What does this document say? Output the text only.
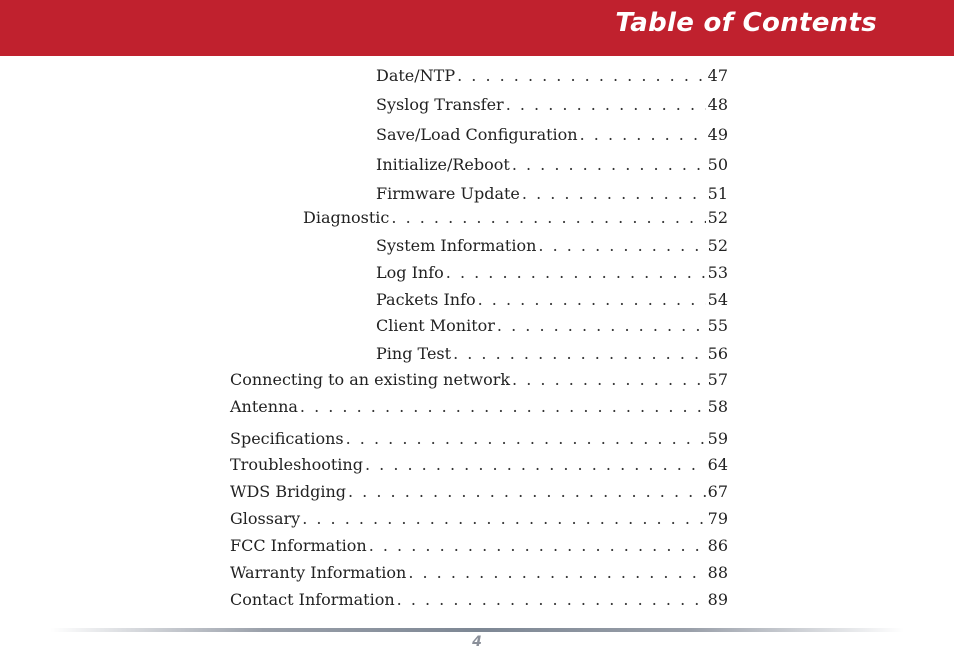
Table of Contents
Date/NTP . . .	47
Syslog Transfer . . .	48
Save/Load Configuration . . .	49
Initialize/Reboot . . .	50
Firmware Update . . .	51
Diagnostic . . .	52
System Information . . .	52
Log Info . . .	53
Packets Info . . .	54
Client Monitor . . .	55
Ping Test . . .	56
Connecting to an existing network . . .	57
Antenna . . .	58
Specifications . . .	59
Troubleshooting . . .	64
WDS Bridging . . .	67
Glossary . . .	79
FCC Information . . .	86
Warranty Information . . .	88
Contact Information . . .	89
4
